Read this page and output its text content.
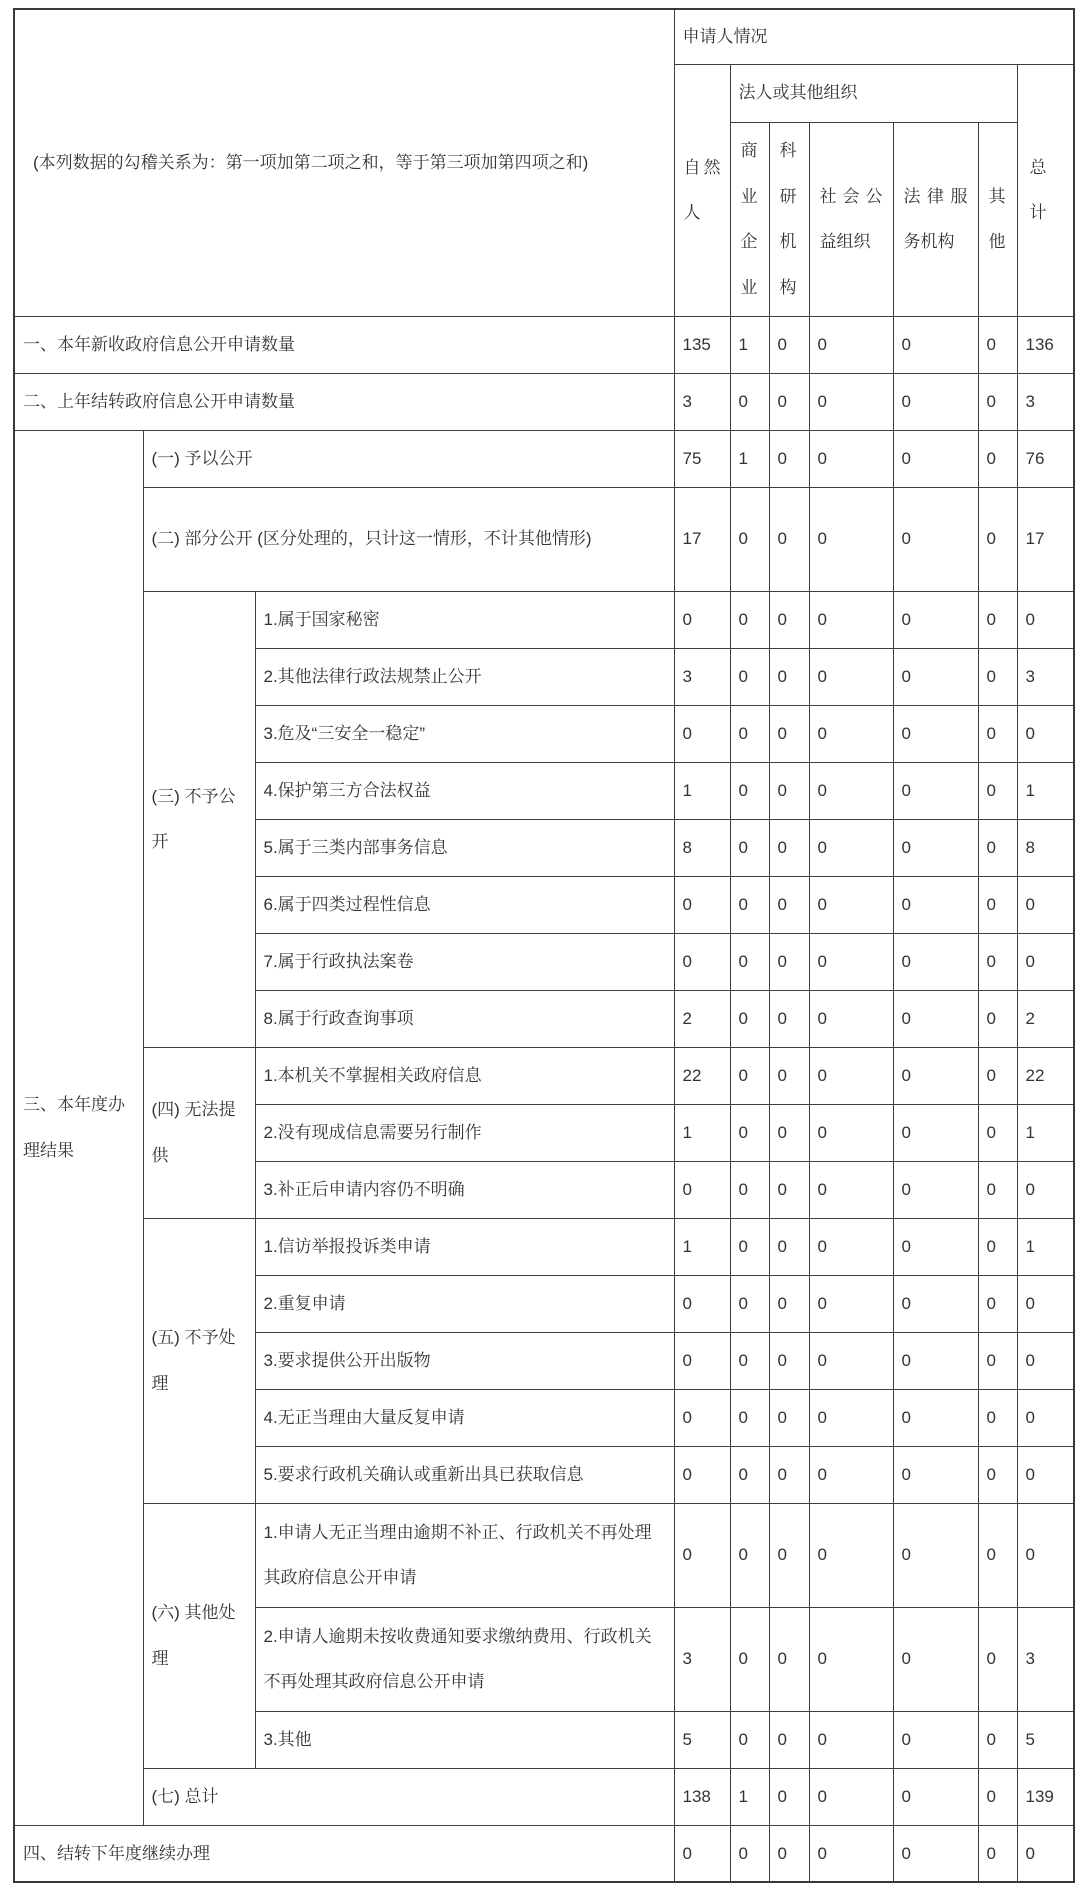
(本列数据的勾稽关系为：第一项加第二项之和，等于第三项加第四项之和)			申请人情况						
			自然人	法人或其他组织					总计
				商业企业	科研机构	社会公益组织	法律服务机构	其他	
一、本年新收政府信息公开申请数量			135	1	0	0	0	0	136
二、上年结转政府信息公开申请数量			3	0	0	0	0	0	3
三、本年度办理结果	(一) 予以公开		75	1	0	0	0	0	76
	(二) 部分公开 (区分处理的，只计这一情形，不计其他情形)		17	0	0	0	0	0	17
	(三) 不予公开	1.属于国家秘密	0	0	0	0	0	0	0
		2.其他法律行政法规禁止公开	3	0	0	0	0	0	3
		3.危及“三安全一稳定”	0	0	0	0	0	0	0
		4.保护第三方合法权益	1	0	0	0	0	0	1
		5.属于三类内部事务信息	8	0	0	0	0	0	8
		6.属于四类过程性信息	0	0	0	0	0	0	0
		7.属于行政执法案卷	0	0	0	0	0	0	0
		8.属于行政查询事项	2	0	0	0	0	0	2
	(四) 无法提供	1.本机关不掌握相关政府信息	22	0	0	0	0	0	22
		2.没有现成信息需要另行制作	1	0	0	0	0	0	1
		3.补正后申请内容仍不明确	0	0	0	0	0	0	0
	(五) 不予处理	1.信访举报投诉类申请	1	0	0	0	0	0	1
		2.重复申请	0	0	0	0	0	0	0
		3.要求提供公开出版物	0	0	0	0	0	0	0
		4.无正当理由大量反复申请	0	0	0	0	0	0	0
		5.要求行政机关确认或重新出具已获取信息	0	0	0	0	0	0	0
	(六) 其他处理	1.申请人无正当理由逾期不补正、行政机关不再处理其政府信息公开申请	0	0	0	0	0	0	0
		2.申请人逾期未按收费通知要求缴纳费用、行政机关不再处理其政府信息公开申请	3	0	0	0	0	0	3
		3.其他	5	0	0	0	0	0	5
	(七) 总计		138	1	0	0	0	0	139
四、结转下年度继续办理			0	0	0	0	0	0	0
